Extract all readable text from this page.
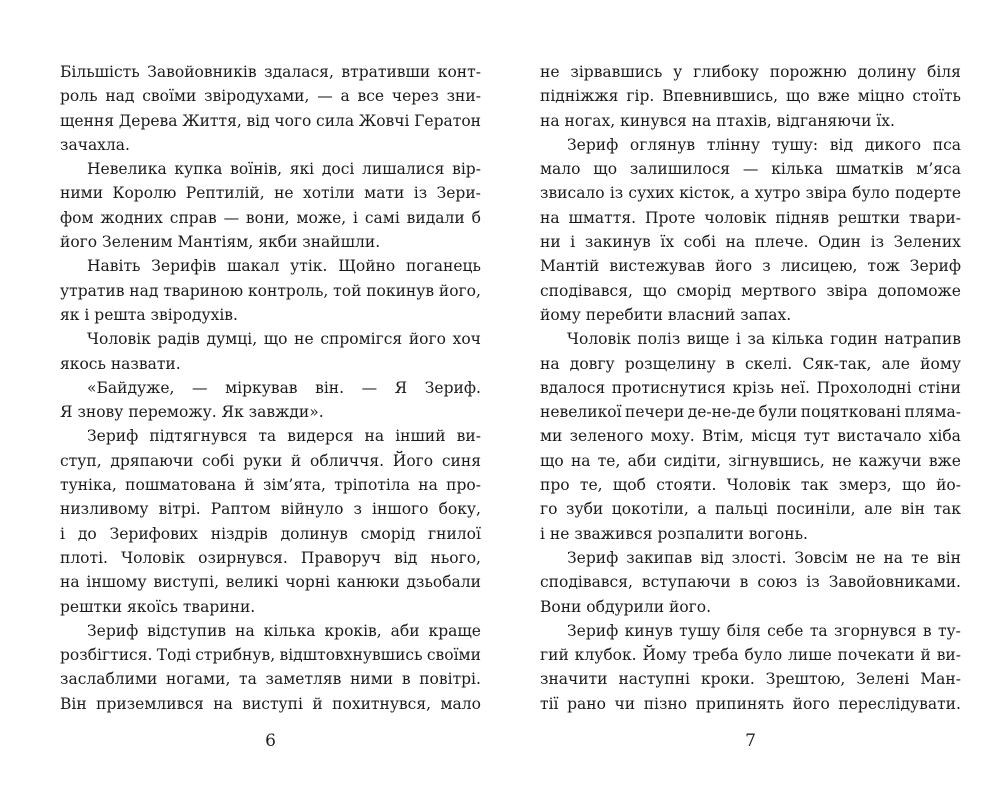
Більшість Завойовників здалася, втративши конт-
роль над своїми звіродухами, — а все через зни-
щення Дерева Життя, від чого сила Жовчі Гератон
зачахла.
Невелика купка воїнів, які досі лишалися вір-
ними Королю Рептилій, не хотіли мати із Зери-
фом жодних справ — вони, може, і самі видали б
його Зеленим Мантіям, якби знайшли.
Навіть Зерифів шакал утік. Щойно поганець
утратив над твариною контроль, той покинув його,
як і решта звіродухів.
Чоловік радів думці, що не спромігся його хоч
якось назвати.
«Байдуже, — міркував він. — Я Зериф.
Я знову переможу. Як завжди».
Зериф підтягнувся та видерся на інший ви-
ступ, дряпаючи собі руки й обличчя. Його синя
туніка, пошматована й зім’ята, тріпотіла на про-
низливому вітрі. Раптом війнуло з іншого боку,
і до Зерифових ніздрів долинув сморід гнилої
плоті. Чоловік озирнувся. Праворуч від нього,
на іншому виступі, великі чорні канюки дзьобали
рештки якоїсь тварини.
Зериф відступив на кілька кроків, аби краще
розбігтися. Тоді стрибнув, відштовхнувшись своїми
заслаблими ногами, та заметляв ними в повітрі.
Він приземлився на виступі й похитнувся, мало
6
не зірвавшись у глибоку порожню долину біля
підніжжя гір. Впевнившись, що вже міцно стоїть
на ногах, кинувся на птахів, відганяючи їх.
Зериф оглянув тлінну тушу: від дикого пса
мало що залишилося — кілька шматків м’яса
звисало із сухих кісток, а хутро звіра було подерте
на шмаття. Проте чоловік підняв рештки твари-
ни і закинув їх собі на плече. Один із Зелених
Мантій вистежував його з лисицею, тож Зериф
сподівався, що сморід мертвого звіра допоможе
йому перебити власний запах.
Чоловік поліз вище і за кілька годин натрапив
на довгу розщелину в скелі. Сяк-так, але йому
вдалося протиснутися крізь неї. Прохолодні стіни
невеликої печери де-не-де були поцятковані пляма-
ми зеленого моху. Втім, місця тут вистачало хіба
що на те, аби сидіти, зігнувшись, не кажучи вже
про те, щоб стояти. Чоловік так змерз, що йо-
го зуби цокотіли, а пальці посиніли, але він так
і не зважився розпалити вогонь.
Зериф закипав від злості. Зовсім не на те він
сподівався, вступаючи в союз із Завойовниками.
Вони обдурили його.
Зериф кинув тушу біля себе та згорнувся в ту-
гий клубок. Йому треба було лише почекати й ви-
значити наступні кроки. Зрештою, Зелені Ман-
тії рано чи пізно припинять його переслідувати.
7
